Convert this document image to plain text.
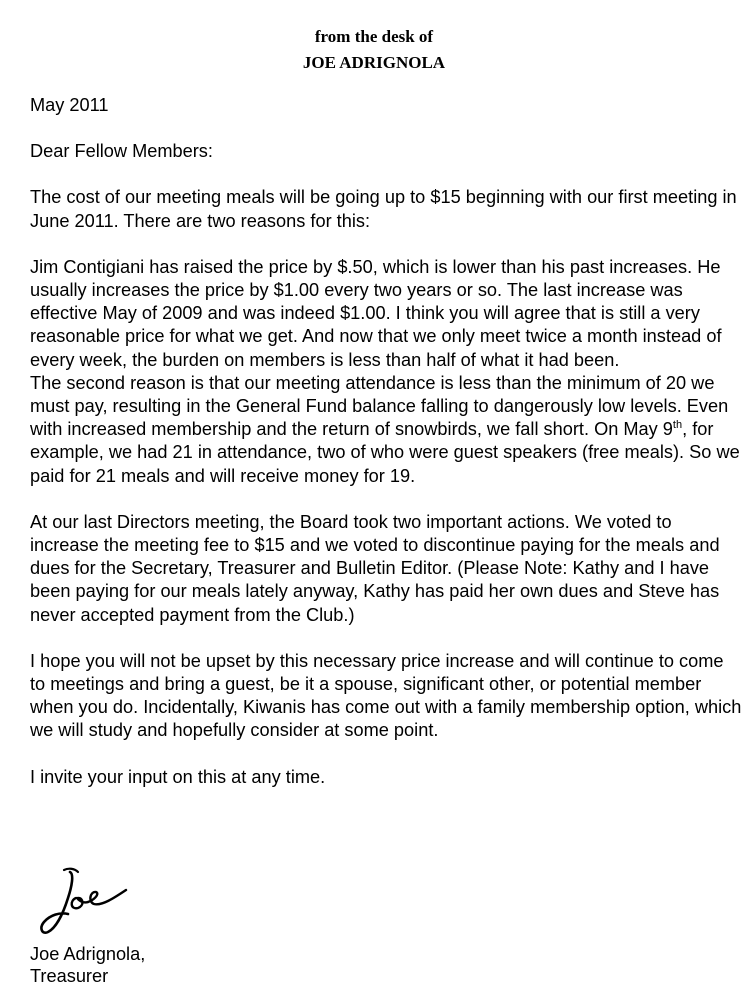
from the desk of
JOE ADRIGNOLA

May 2011

Dear Fellow Members:

The cost of our meeting meals will be going up to $15 beginning with our first meeting in June 2011. There are two reasons for this:

Jim Contigiani has raised the price by $.50, which is lower than his past increases. He usually increases the price by $1.00 every two years or so. The last increase was effective May of 2009 and was indeed $1.00. I think you will agree that is still a very reasonable price for what we get. And now that we only meet twice a month instead of every week, the burden on members is less than half of what it had been.

The second reason is that our meeting attendance is less than the minimum of 20 we must pay, resulting in the General Fund balance falling to dangerously low levels. Even with increased membership and the return of snowbirds, we fall short. On May 9th, for example, we had 21 in attendance, two of who were guest speakers (free meals). So we paid for 21 meals and will receive money for 19.

At our last Directors meeting, the Board took two important actions. We voted to increase the meeting fee to $15 and we voted to discontinue paying for the meals and dues for the Secretary, Treasurer and Bulletin Editor. (Please Note: Kathy and I have been paying for our meals lately anyway, Kathy has paid her own dues and Steve has never accepted payment from the Club.)

I hope you will not be upset by this necessary price increase and will continue to come to meetings and bring a guest, be it a spouse, significant other, or potential member when you do. Incidentally, Kiwanis has come out with a family membership option, which we will study and hopefully consider at some point.

I invite your input on this at any time.

Joe Adrignola,
Treasurer
